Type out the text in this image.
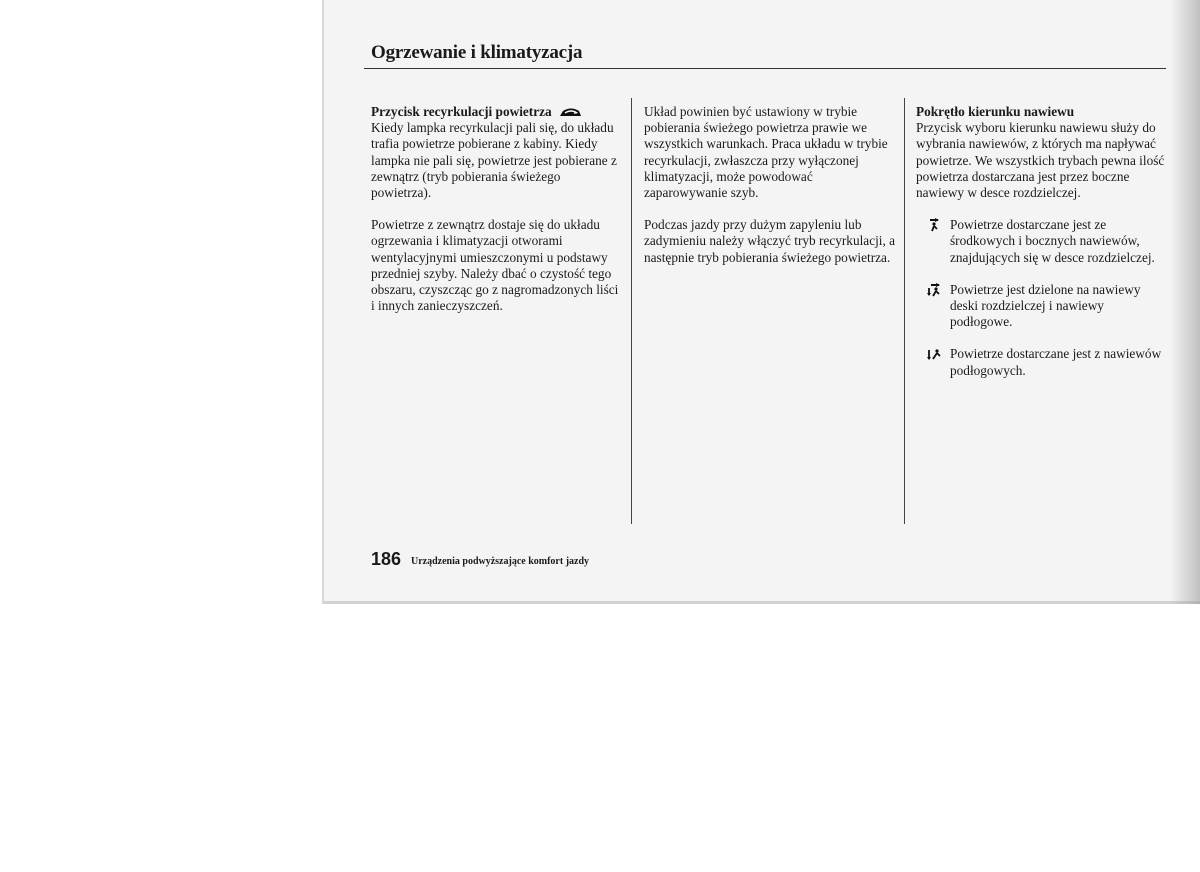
Ogrzewanie i klimatyzacja

Przycisk recyrkulacji powietrza

Kiedy lampka recyrkulacji pali się, do układu trafia powietrze pobierane z kabiny. Kiedy lampka nie pali się, powietrze jest pobierane z zewnątrz (tryb pobierania świeżego powietrza).

Powietrze z zewnątrz dostaje się do układu ogrzewania i klimatyzacji otworami wentylacyjnymi umieszczonymi u podstawy przedniej szyby. Należy dbać o czystość tego obszaru, czyszcząc go z nagromadzonych liści i innych zanieczyszczeń.

Układ powinien być ustawiony w trybie pobierania świeżego powietrza prawie we wszystkich warunkach. Praca układu w trybie recyrkulacji, zwłaszcza przy wyłączonej klimatyzacji, może powodować zaparowywanie szyb.

Podczas jazdy przy dużym zapyleniu lub zadymieniu należy włączyć tryb recyrkulacji, a następnie tryb pobierania świeżego powietrza.

Pokrętło kierunku nawiewu

Przycisk wyboru kierunku nawiewu służy do wybrania nawiewów, z których ma napływać powietrze. We wszystkich trybach pewna ilość powietrza dostarczana jest przez boczne nawiewy w desce rozdzielczej.

Powietrze dostarczane jest ze środkowych i bocznych nawiewów, znajdujących się w desce rozdzielczej.

Powietrze jest dzielone na nawiewy deski rozdzielczej i nawiewy podłogowe.

Powietrze dostarczane jest z nawiewów podłogowych.

186 Urządzenia podwyższające komfort jazdy
